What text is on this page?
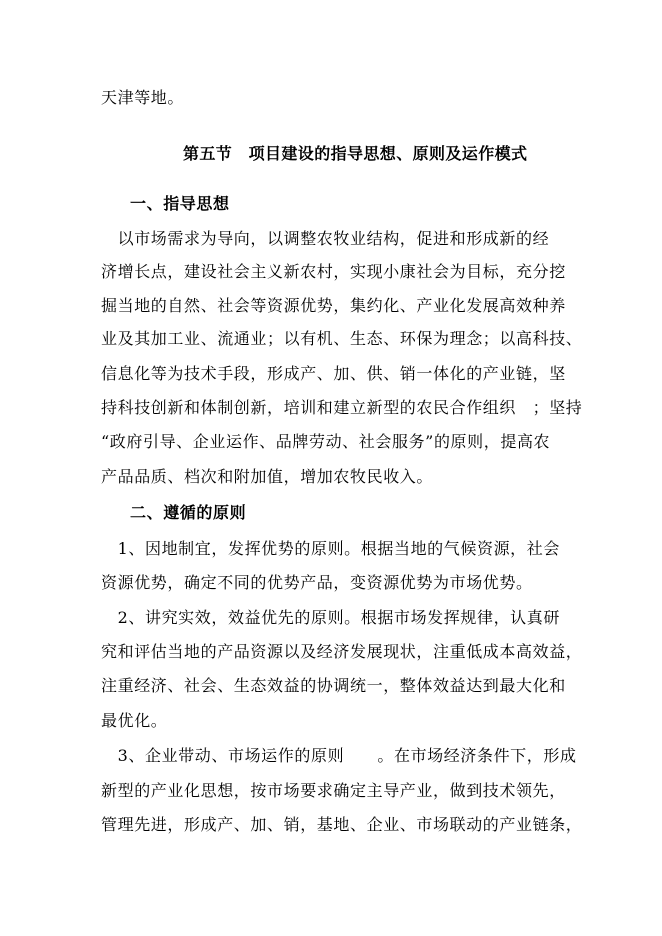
天津等地。
第五节　项目建设的指导思想、原则及运作模式
一、指导思想
　以市场需求为导向，以调整农牧业结构，促进和形成新的经
济增长点，建设社会主义新农村，实现小康社会为目标，充分挖
掘当地的自然、社会等资源优势，集约化、产业化发展高效种养
业及其加工业、流通业；以有机、生态、环保为理念；以高科技、
信息化等为技术手段，形成产、加、供、销一体化的产业链，坚
持科技创新和体制创新，培训和建立新型的农民合作组织　；坚持
“政府引导、企业运作、品牌劳动、社会服务”的原则，提高农
产品品质、档次和附加值，增加农牧民收入。
二、遵循的原则
　1、因地制宜，发挥优势的原则。根据当地的气候资源，社会
资源优势，确定不同的优势产品，变资源优势为市场优势。
　2、讲究实效，效益优先的原则。根据市场发挥规律，认真研
究和评估当地的产品资源以及经济发展现状，注重低成本高效益，
注重经济、社会、生态效益的协调统一，整体效益达到最大化和
最优化。
　3、企业带动、市场运作的原则　　。在市场经济条件下，形成
新型的产业化思想，按市场要求确定主导产业，做到技术领先，
管理先进，形成产、加、销，基地、企业、市场联动的产业链条，
